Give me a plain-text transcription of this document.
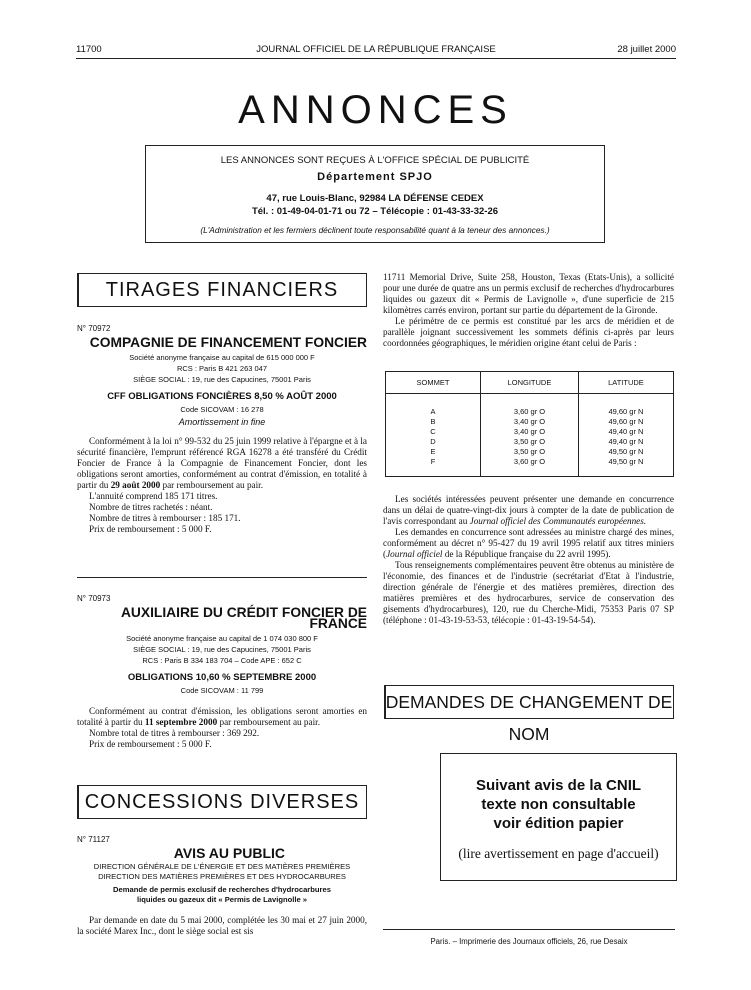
11700	JOURNAL OFFICIEL DE LA RÉPUBLIQUE FRANÇAISE	28 juillet 2000
ANNONCES
LES ANNONCES SONT REÇUES À L'OFFICE SPÉCIAL DE PUBLICITÉ
Département SPJO
47, rue Louis-Blanc, 92984 LA DÉFENSE CEDEX
Tél. : 01-49-04-01-71 ou 72 – Télécopie : 01-43-33-32-26
(L'Administration et les fermiers déclinent toute responsabilité quant à la teneur des annonces.)
TIRAGES FINANCIERS
N° 70972
COMPAGNIE DE FINANCEMENT FONCIER
Société anonyme française au capital de 615 000 000 F
RCS : Paris B 421 263 047
SIÈGE SOCIAL : 19, rue des Capucines, 75001 Paris
CFF OBLIGATIONS FONCIÈRES 8,50 % AOÛT 2000
Code SICOVAM : 16 278
Amortissement in fine

Conformément à la loi n° 99-532 du 25 juin 1999 relative à l'épargne et à la sécurité financière, l'emprunt référencé RGA 16278 a été transféré du Crédit Foncier de France à la Compagnie de Financement Foncier, dont les obligations seront amorties, conformément au contrat d'émission, en totalité à partir du 29 août 2000 par remboursement au pair.

L'annuité comprend 185 171 titres.

Nombre de titres rachetés : néant.

Nombre de titres à rembourser : 185 171.

Prix de remboursement : 5 000 F.

N° 70973
AUXILIAIRE DU CRÉDIT FONCIER DE FRANCE
Société anonyme française au capital de 1 074 030 800 F
SIÈGE SOCIAL : 19, rue des Capucines, 75001 Paris
RCS : Paris B 334 183 704 – Code APE : 652 C
OBLIGATIONS 10,60 % SEPTEMBRE 2000
Code SICOVAM : 11 799

Conformément au contrat d'émission, les obligations seront amorties en totalité à partir du 11 septembre 2000 par remboursement au pair.

Nombre total de titres à rembourser : 369 292.

Prix de remboursement : 5 000 F.

CONCESSIONS DIVERSES
N° 71127
AVIS AU PUBLIC
DIRECTION GÉNÉRALE DE L'ÉNERGIE ET DES MATIÈRES PREMIÈRES
DIRECTION DES MATIÈRES PREMIÈRES ET DES HYDROCARBURES
Demande de permis exclusif de recherches d'hydrocarbures
liquides ou gazeux dit « Permis de Lavignolle »

Par demande en date du 5 mai 2000, complétée les 30 mai et 27 juin 2000, la société Marex Inc., dont le siège social est sis

11711 Memorial Drive, Suite 258, Houston, Texas (Etats-Unis), a sollicité pour une durée de quatre ans un permis exclusif de recherches d'hydrocarbures liquides ou gazeux dit « Permis de Lavignolle », d'une superficie de 215 kilomètres carrés environ, portant sur partie du département de la Gironde.

Le périmètre de ce permis est constitué par les arcs de méridien et de parallèle joignant successivement les sommets définis ci-après par leurs coordonnées géographiques, le méridien origine étant celui de Paris :

SOMMET	LONGITUDE	LATITUDE

A	3,60 gr O	49,60 gr N
B	3,40 gr O	49,60 gr N
C	3,40 gr O	49,40 gr N
D	3,50 gr O	49,40 gr N
E	3,50 gr O	49,50 gr N
F	3,60 gr O	49,50 gr N

Les sociétés intéressées peuvent présenter une demande en concurrence dans un délai de quatre-vingt-dix jours à compter de la date de publication de l'avis correspondant au Journal officiel des Communautés européennes.

Les demandes en concurrence sont adressées au ministre chargé des mines, conformément au décret n° 95-427 du 19 avril 1995 relatif aux titres miniers (Journal officiel de la République française du 22 avril 1995).

Tous renseignements complémentaires peuvent être obtenus au ministère de l'économie, des finances et de l'industrie (secrétariat d'Etat à l'industrie, direction générale de l'énergie et des matières premières, direction des matières premières et des hydrocarbures, service de conservation des gisements d'hydrocarbures), 120, rue du Cherche-Midi, 75353 Paris 07 SP (téléphone : 01-43-19-53-53, télécopie : 01-43-19-54-54).

DEMANDES DE CHANGEMENT DE NOM
Suivant avis de la CNIL
texte non consultable
voir édition papier
(lire avertissement en page d'accueil)
Paris. – Imprimerie des Journaux officiels, 26, rue Desaix
